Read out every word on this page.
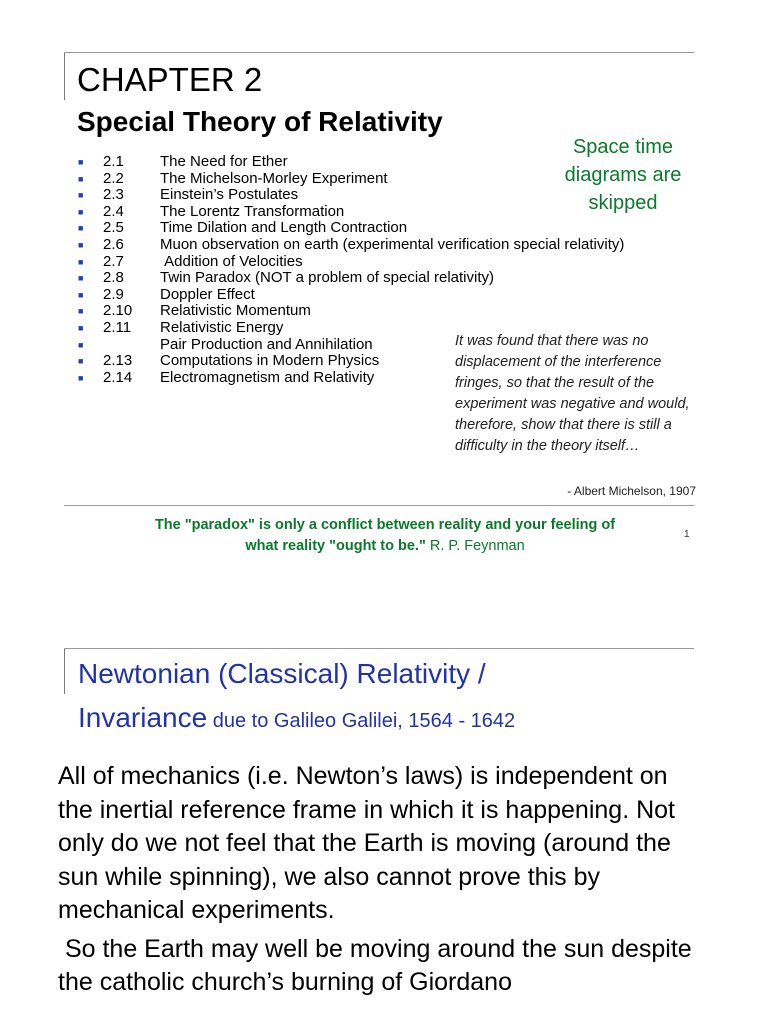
CHAPTER 2
Special Theory of Relativity
Space time diagrams are skipped
■ 2.1 The Need for Ether
■ 2.2 The Michelson-Morley Experiment
■ 2.3 Einstein’s Postulates
■ 2.4 The Lorentz Transformation
■ 2.5 Time Dilation and Length Contraction
■ 2.6 Muon observation on earth (experimental verification special relativity)
■ 2.7 Addition of Velocities
■ 2.8 Twin Paradox (NOT a problem of special relativity)
■ 2.9 Doppler Effect
■ 2.10 Relativistic Momentum
■ 2.11 Relativistic Energy
■	Pair Production and Annihilation
■ 2.13 Computations in Modern Physics
■ 2.14 Electromagnetism and Relativity
It was found that there was no displacement of the interference fringes, so that the result of the experiment was negative and would, therefore, show that there is still a difficulty in the theory itself…
- Albert Michelson, 1907
The "paradox" is only a conflict between reality and your feeling of
what reality "ought to be." R. P. Feynman
1
Newtonian (Classical) Relativity /
Invariance due to Galileo Galilei, 1564 - 1642

All of mechanics (i.e. Newton’s laws) is independent on the inertial reference frame in which it is happening. Not only do we not feel that the Earth is moving (around the sun while spinning), we also cannot prove this by mechanical experiments.

So the Earth may well be moving around the sun despite the catholic church’s burning of Giordano
